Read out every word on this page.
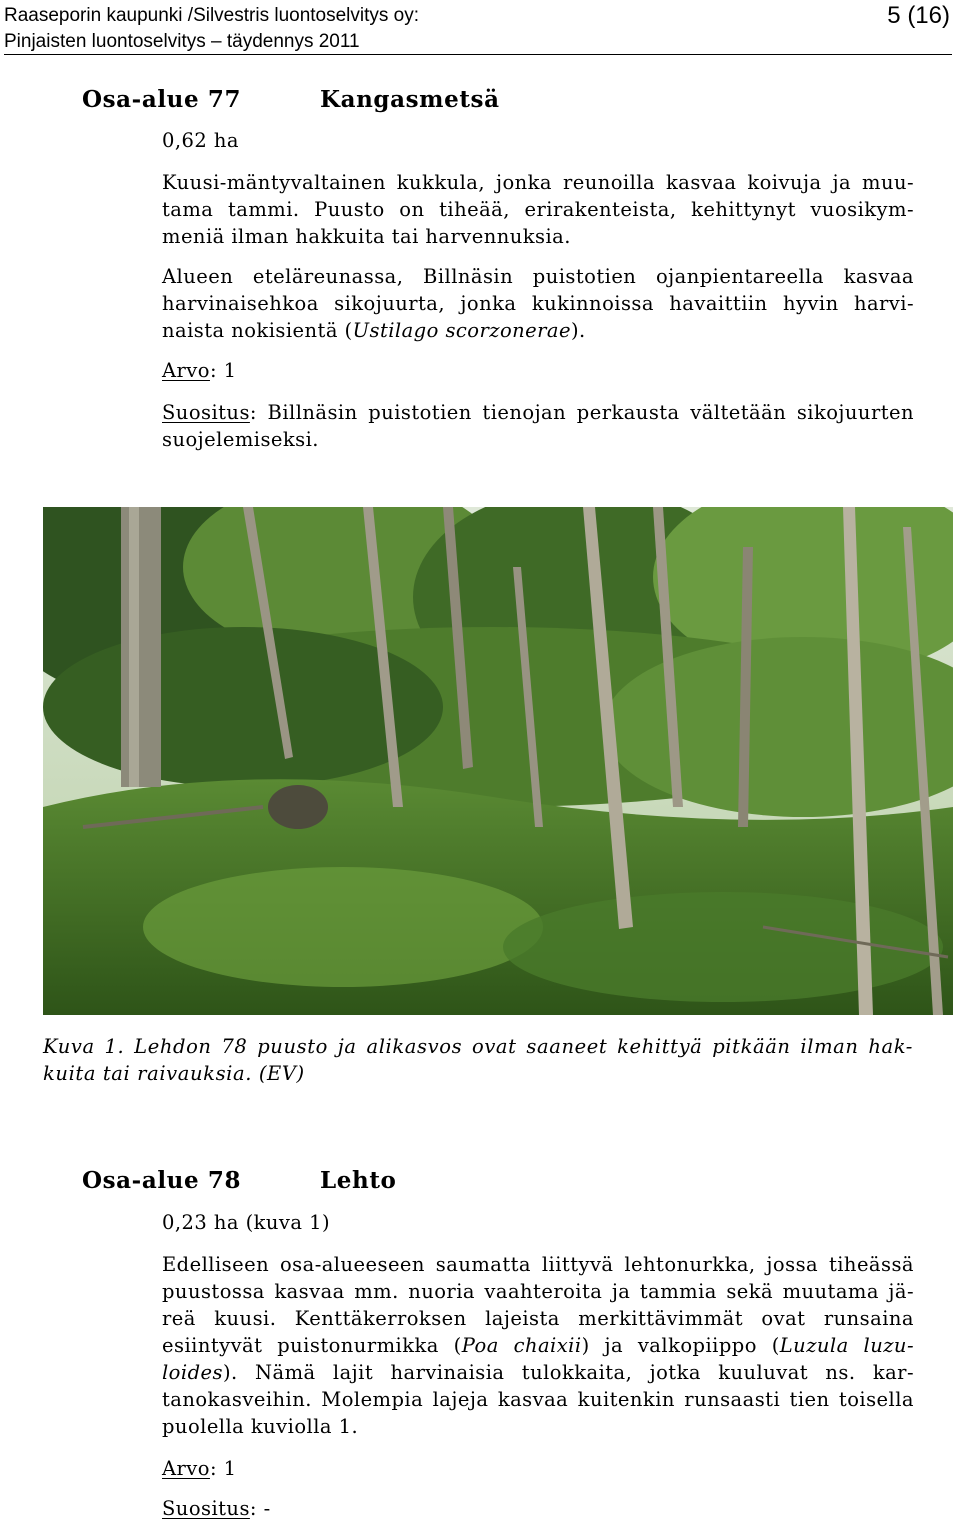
Raaseporin kaupunki /Silvestris luontoselvitys oy:
Pinjaisten luontoselvitys – täydennys 2011
5 (16)
Osa-alue 77	Kangasmetsä
0,62 ha
Kuusi-mäntyvaltainen kukkula, jonka reunoilla kasvaa koivuja ja muu-
tama tammi. Puusto on tiheää, erirakenteista, kehittynyt vuosikym-
meniä ilman hakkuita tai harvennuksia.
Alueen eteläreunassa, Billnäsin puistotien ojanpientareella kasvaa
harvinaisehkoa sikojuurta, jonka kukinnoissa havaittiin hyvin harvi-
naista nokisientä (Ustilago scorzonerae).
Arvo: 1
Suositus: Billnäsin puistotien tienojan perkausta vältetään sikojuurten
suojelemiseksi.
Kuva 1. Lehdon 78 puusto ja alikasvos ovat saaneet kehittyä pitkään ilman hak-
kuita tai raivauksia. (EV)
Osa-alue 78	Lehto
0,23 ha (kuva 1)
Edelliseen osa-alueeseen saumatta liittyvä lehtonurkka, jossa tiheässä
puustossa kasvaa mm. nuoria vaahteroita ja tammia sekä muutama jä-
reä kuusi. Kenttäkerroksen lajeista merkittävimmät ovat runsaina
esiintyvät puistonurmikka (Poa chaixii) ja valkopiippo (Luzula luzu-
loides). Nämä lajit harvinaisia tulokkaita, jotka kuuluvat ns. kar-
tanokasveihin. Molempia lajeja kasvaa kuitenkin runsaasti tien toisella
puolella kuviolla 1.
Arvo: 1
Suositus: -
